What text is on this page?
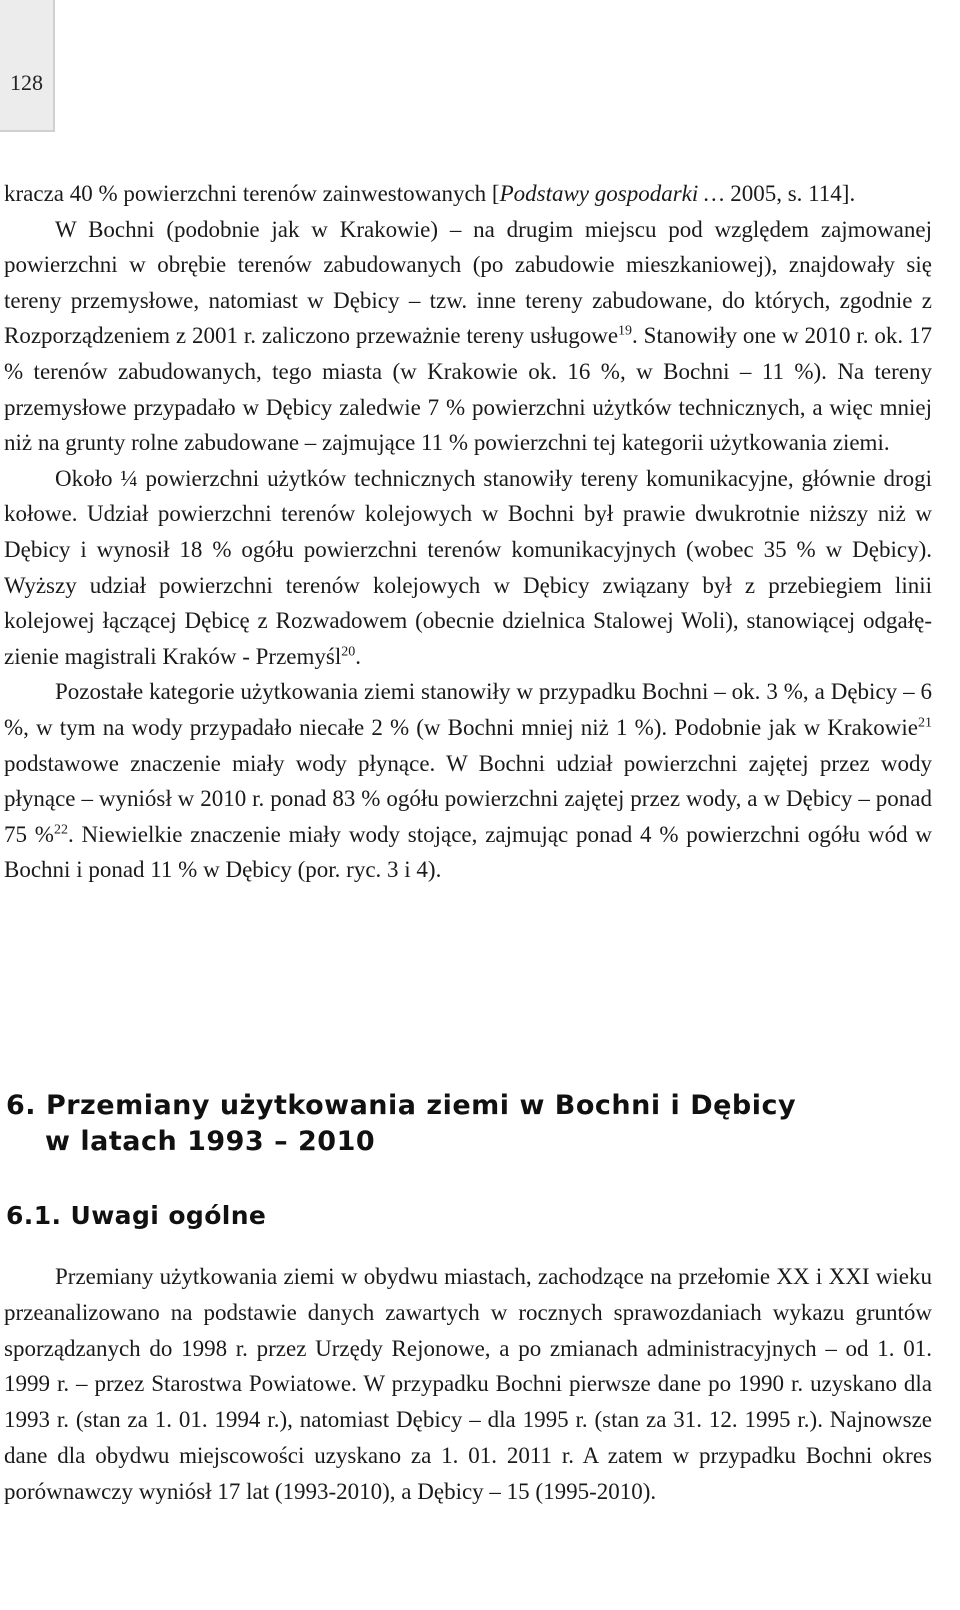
128

kracza 40 % powierzchni terenów zainwestowanych [Podstawy gospodarki … 2005, s. 114].

W Bochni (podobnie jak w Krakowie) – na drugim miejscu pod względem zajmowanej powierzchni w obrębie terenów zabudowanych (po zabudowie mieszkaniowej), znajdowały się tereny przemysłowe, natomiast w Dębicy – tzw. inne tereny zabudowane, do których, zgodnie z Rozporządzeniem z 2001 r. zaliczono przeważnie tereny usługowe$^{19}$. Stanowiły one w 2010 r. ok. 17 % terenów zabudowanych, tego miasta (w Krakowie ok. 16 %, w Bochni – 11 %). Na tereny przemysłowe przypadało w Dębicy zaledwie 7 % powierzchni użytków technicznych, a więc mniej niż na grunty rolne zabudowane – zajmujące 11 % powierzchni tej kategorii użytkowania ziemi.

Około ¼ powierzchni użytków technicznych stanowiły tereny komunikacyjne, głównie drogi kołowe. Udział powierzchni terenów kolejowych w Bochni był prawie dwukrotnie niższy niż w Dębicy i wynosił 18 % ogółu powierzchni terenów komunikacyjnych (wobec 35 % w Dębicy). Wyższy udział powierzchni terenów kolejowych w Dębicy związany był z przebiegiem linii kolejowej łączącej Dębicę z Rozwadowem (obecnie dzielnica Stalowej Woli), stanowiącej odgałęzienie magistrali Kraków - Przemyśl$^{20}$.

Pozostałe kategorie użytkowania ziemi stanowiły w przypadku Bochni – ok. 3 %, a Dębicy – 6 %, w tym na wody przypadało niecałe 2 % (w Bochni mniej niż 1 %). Podobnie jak w Krakowie$^{21}$ podstawowe znaczenie miały wody płynące. W Bochni udział powierzchni zajętej przez wody płynące – wyniósł w 2010 r. ponad 83 % ogółu powierzchni zajętej przez wody, a w Dębicy – ponad 75 %$^{22}$. Niewielkie znaczenie miały wody stojące, zajmując ponad 4 % powierzchni ogółu wód w Bochni i ponad 11 % w Dębicy (por. ryc. 3 i 4).

6. Przemiany użytkowania ziemi w Bochni i Dębicy
w latach 1993 – 2010
6.1. Uwagi ogólne

Przemiany użytkowania ziemi w obydwu miastach, zachodzące na przełomie XX i XXI wieku przeanalizowano na podstawie danych zawartych w rocznych sprawozdaniach wykazu gruntów sporządzanych do 1998 r. przez Urzędy Rejonowe, a po zmianach administracyjnych – od 1. 01. 1999 r. – przez Starostwa Powiatowe. W przypadku Bochni pierwsze dane po 1990 r. uzyskano dla 1993 r. (stan za 1. 01. 1994 r.), natomiast Dębicy – dla 1995 r. (stan za 31. 12. 1995 r.). Najnowsze dane dla obydwu miejscowości uzyskano za 1. 01. 2011 r. A zatem w przypadku Bochni okres porównawczy wyniósł 17 lat (1993-2010), a Dębicy – 15 (1995-2010).
